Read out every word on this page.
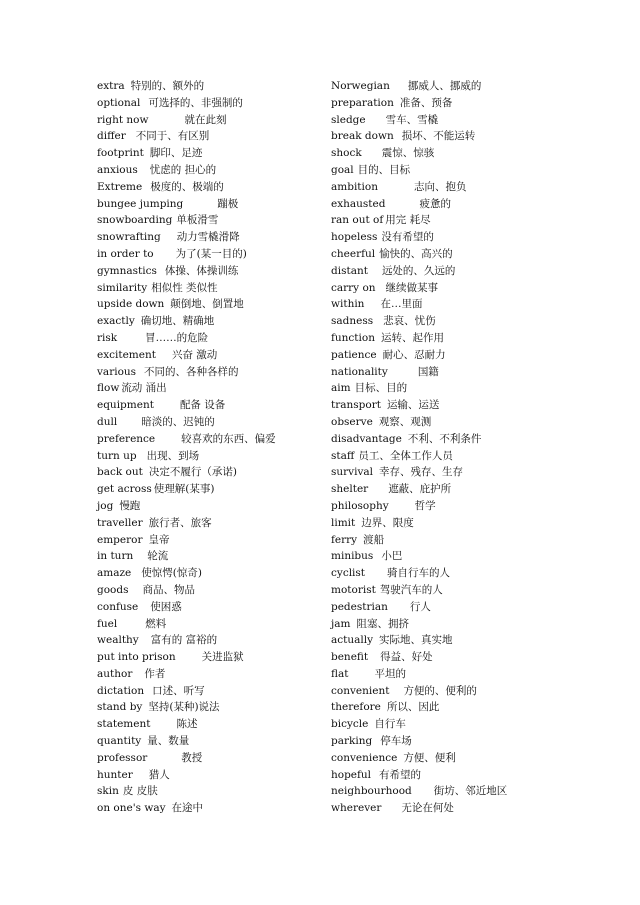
extra 特别的、额外的
optional 可选择的、非强制的
right now	就在此刻
differ 不同于、有区别
footprint 脚印、足迹
anxious 忧虑的 担心的
Extreme 极度的、极端的
bungee jumping	蹦极
snowboarding 单板滑雪
snowrafting 动力雪橇滑降
in order to 为了(某一目的)
gymnastics 体操、体操训练
similarity 相似性 类似性
upside down 颠倒地、倒置地
exactly 确切地、精确地
risk	冒……的危险
excitement 兴奋 激动
various 不同的、各种各样的
flow 流动 涌出
equipment 配备 设备
dull 暗淡的、迟钝的
preference 较喜欢的东西、偏爱
turn up 出现、到场
back out 决定不履行（承诺)
get across 使理解(某事)
jog 慢跑
traveller 旅行者、旅客
emperor 皇帝
in turn 轮流
amaze 使惊愕(惊奇)
goods 商品、物品
confuse 使困惑
fuel	燃料
wealthy 富有的 富裕的
put into prison 关进监狱
author 作者
dictation 口述、听写
stand by 坚持(某种)说法
statement 陈述
quantity 量、数量
professor	教授
hunter 猎人
skin 皮 皮肤
on one's way 在途中
Norwegian 挪威人、挪威的
preparation 准备、预备
sledge 雪车、雪橇
break down 损坏、不能运转
shock 震惊、惊骇
goal 目的、目标
ambition	志向、抱负
exhausted	疲惫的
ran out of 用完 耗尽
hopeless 没有希望的
cheerful 愉快的、高兴的
distant 远处的、久远的
carry on 继续做某事
within 在…里面
sadness 悲哀、忧伤
function 运转、起作用
patience 耐心、忍耐力
nationality	国籍
aim 目标、目的
transport 运输、运送
observe 观察、观测
disadvantage 不利、不利条件
staff 员工、全体工作人员
survival 幸存、残存、生存
shelter 遮蔽、庇护所
philosophy 哲学
limit 边界、限度
ferry 渡船
minibus 小巴
cyclist 骑自行车的人
motorist 驾驶汽车的人
pedestrian 行人
jam 阻塞、拥挤
actually 实际地、真实地
benefit 得益、好处
flat 平坦的
convenient 方便的、便利的
therefore 所以、因此
bicycle 自行车
parking 停车场
convenience 方便、便利
hopeful 有希望的
neighbourhood 街坊、邻近地区
wherever 无论在何处
